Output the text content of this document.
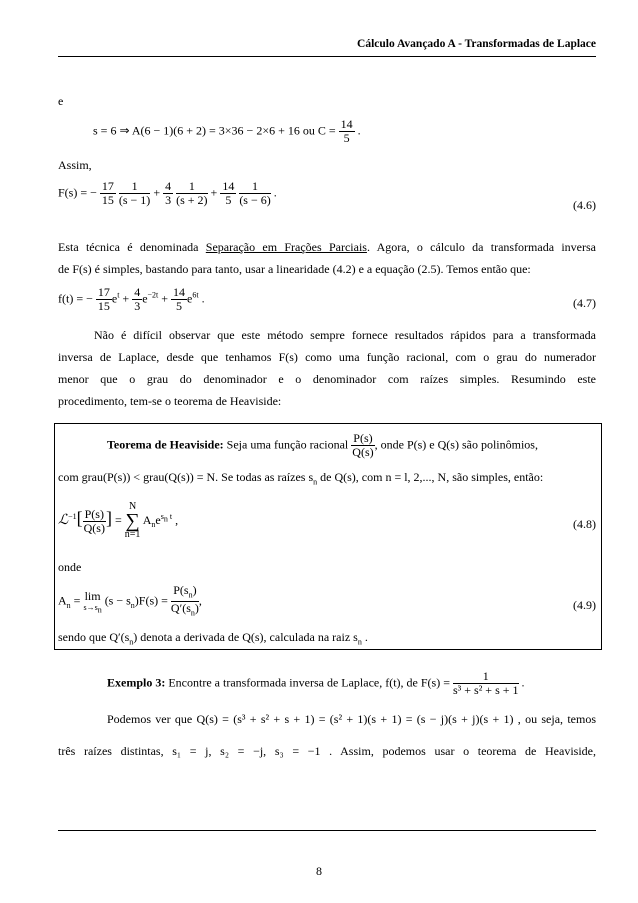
Cálculo Avançado A - Transformadas de Laplace
e
s = 6 ⇒ A(6 − 1)(6 + 2) = 3×36 − 2×6 + 16 ou $C = \frac{14}{5}$ .
Assim,
F(s) = − $\frac{17}{15}$
$\frac{1}{(s - 1)} + \frac{4}{3}$
$\frac{1}{(s + 2)} + \frac{14}{5}$
$\frac{1}{(s - 6)}$ .
(4.6)
Esta técnica é denominada Separação em Frações Parciais. Agora, o cálculo da transformada inversa
de F(s) é simples, bastando para tanto, usar a linearidade (4.2) e a equação (2.5). Temos então que:
f(t) = − $\frac{17}{15} e^t + \frac{4}{3} e^{-2t} + \frac{14}{5} e^{6t}$ .	(4.7)
Não é difícil observar que este método sempre fornece resultados rápidos para a transformada
inversa de Laplace, desde que tenhamos F(s) como uma função racional, com o grau do numerador
menor que o grau do denominador e o denominador com raízes simples. Resumindo este
procedimento, tem-se o teorema de Heaviside:
Teorema de Heaviside: Seja uma função racional $\frac{P(s)}{Q(s)}$ , onde P(s) e Q(s) são polinômios,
com grau(P(s)) < grau(Q(s)) = N. Se todas as raízes $s_n$ de Q(s), com n = l, 2,..., N, são simples, então:
ℒ$^{-1}$[ $\frac{P(s)}{Q(s)}$ ] =
N
∑
n=1
$A_ne^{s_n t}$ ,	(4.8)
onde
$A_n = \lim$
$s\to s_n$
$(s - s_n)F(s) = \frac{P(s_n)}{Q'(s_n)}$ ,	(4.9)
sendo que $Q'(s_n)$ denota a derivada de Q(s), calculada na raiz $s_n$ .
Exemplo 3: Encontre a transformada inversa de Laplace, f(t), de $F(s) = \frac{1}{\text{s³ + s² + s + 1}}$ .
Podemos ver que Q(s) = (s³ + s² + s + 1) = (s² + 1)(s + 1) = (s − j)(s + j)(s + 1) , ou seja, temos
três raízes distintas, s₁ = j, s₂ = −j, s₃ = −1 . Assim, podemos usar o teorema de Heaviside,
8
